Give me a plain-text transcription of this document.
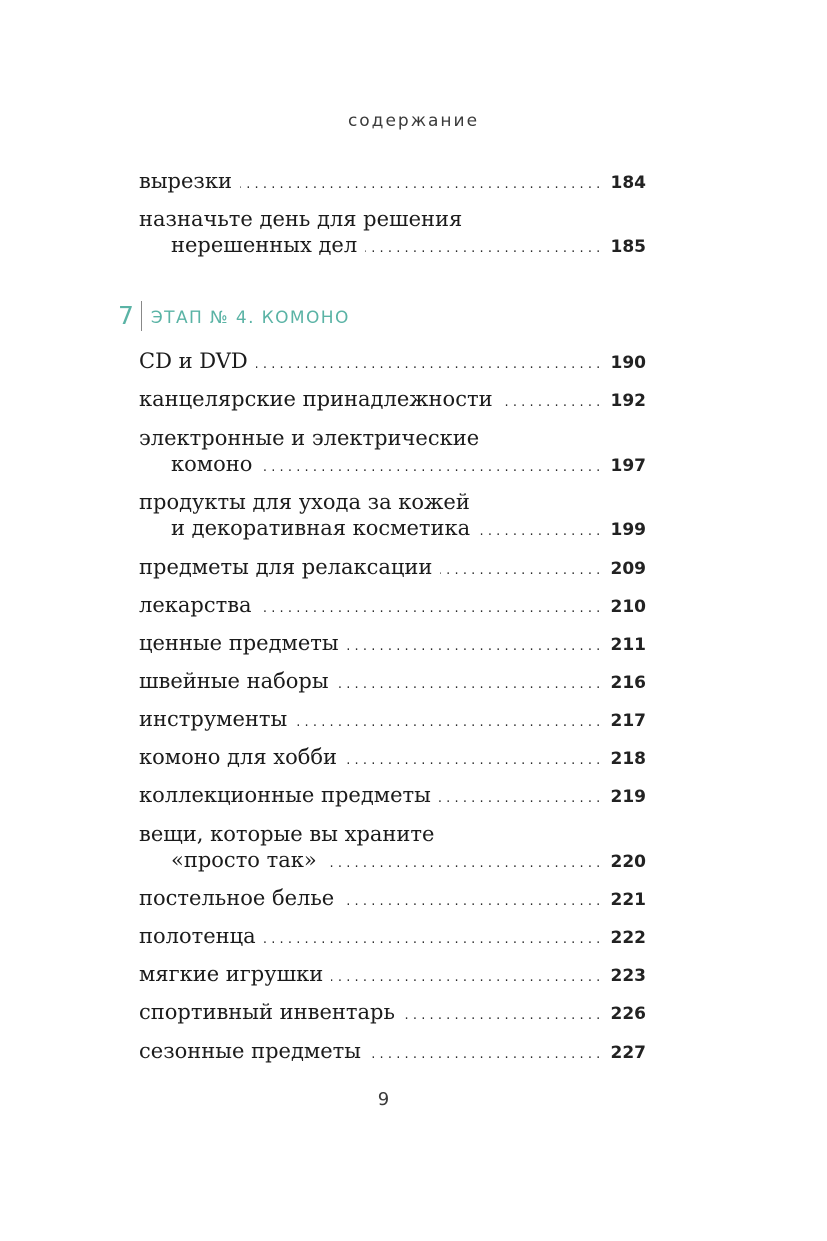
содержание
вырезки .....	184
назначьте день для решения
нерешенных дел .....	185
7 ЭТАП № 4. КОМОНО
CD и DVD .....	190
канцелярские принадлежности .....	192
электронные и электрические
комоно .....	197
продукты для ухода за кожей
и декоративная косметика .....	199
предметы для релаксации .....	209
лекарства .....	210
ценные предметы .....	211
швейные наборы .....	216
инструменты .....	217
комоно для хобби .....	218
коллекционные предметы .....	219
вещи, которые вы храните
«просто так» .....	220
постельное белье .....	221
полотенца .....	222
мягкие игрушки .....	223
спортивный инвентарь .....	226
сезонные предметы .....	227
9
